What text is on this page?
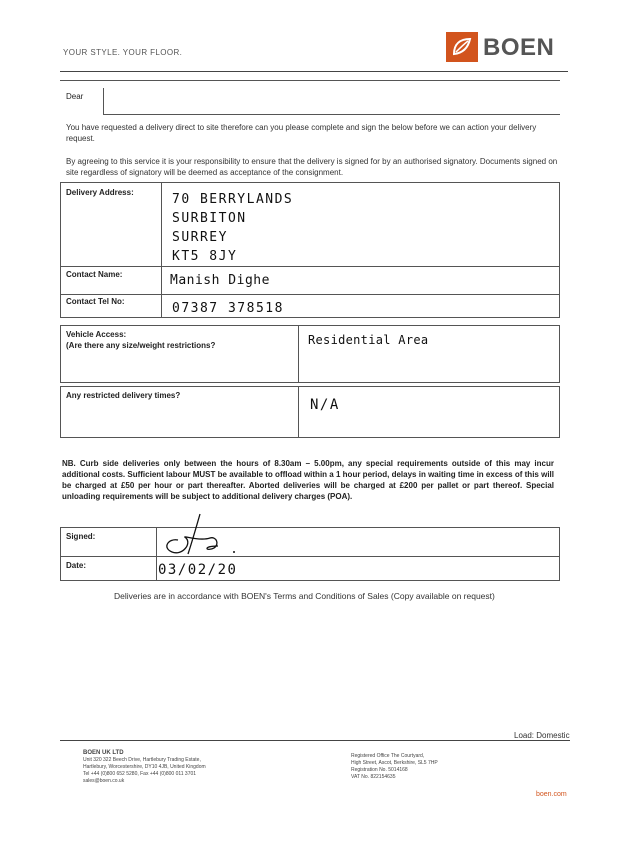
YOUR STYLE. YOUR FLOOR.	BOEN
Dear
You have requested a delivery direct to site therefore can you please complete and sign the below before we can action your delivery request.
By agreeing to this service it is your responsibility to ensure that the delivery is signed for by an authorised signatory. Documents signed on site regardless of signatory will be deemed as acceptance of the consignment.
Delivery Address:	70 BERRYLANDS
SURBITON
SURREY
KT5 8JY
Contact Name:	Manish Dighe
Contact Tel No:	07387 378518
Vehicle Access:
(Are there any size/weight restrictions?	Residential Area
Any restricted delivery times?
N/A
NB. Curb side deliveries only between the hours of 8.30am – 5.00pm, any special requirements outside of this may incur additional costs. Sufficient labour MUST be available to offload within a 1 hour period, delays in waiting time in excess of this will be charged at £50 per hour or part thereafter. Aborted deliveries will be charged at £200 per pallet or part thereof. Special unloading requirements will be subject to additional delivery charges (POA).
Signed:
Date:	03/02/20
Deliveries are in accordance with BOEN's Terms and Conditions of Sales (Copy available on request)
Load: Domestic
BOEN UK LTD
Unit 320 322 Beech Drive, Hartlebury Trading Estate,
Hartlebury, Worcestershire, DY10 4JB, United Kingdom
Tel +44 (0)800 652 5280, Fax +44 (0)800 011 3701
sales@boen.co.uk
Registered Office The Courtyard,
High Street, Ascot, Berkshire, SL5 7HP
Registration No. 5014168
VAT No. 822154635
boen.com
